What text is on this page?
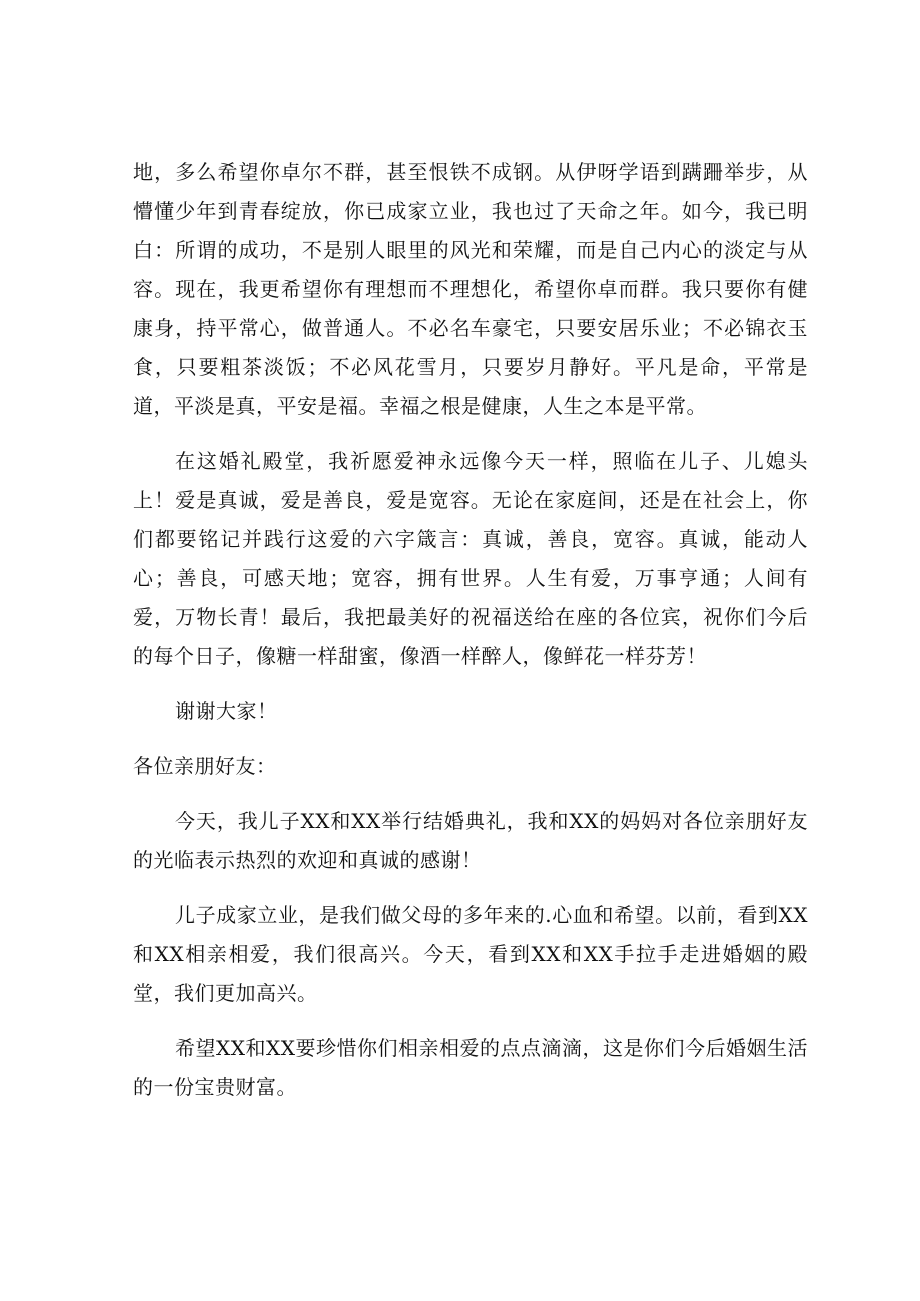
地，多么希望你卓尔不群，甚至恨铁不成钢。从伊呀学语到蹒跚举步，从懵懂少年到青春绽放，你已成家立业，我也过了天命之年。如今，我已明白：所谓的成功，不是别人眼里的风光和荣耀，而是自己内心的淡定与从容。现在，我更希望你有理想而不理想化，希望你卓而群。我只要你有健康身，持平常心，做普通人。不必名车豪宅，只要安居乐业；不必锦衣玉食，只要粗茶淡饭；不必风花雪月，只要岁月静好。平凡是命，平常是道，平淡是真，平安是福。幸福之根是健康，人生之本是平常。

在这婚礼殿堂，我祈愿爱神永远像今天一样，照临在儿子、儿媳头上！爱是真诚，爱是善良，爱是宽容。无论在家庭间，还是在社会上，你们都要铭记并践行这爱的六字箴言：真诚，善良，宽容。真诚，能动人心；善良，可感天地；宽容，拥有世界。人生有爱，万事亨通；人间有爱，万物长青！最后，我把最美好的祝福送给在座的各位宾，祝你们今后的每个日子，像糖一样甜蜜，像酒一样醉人，像鲜花一样芬芳！

谢谢大家！

各位亲朋好友：

今天，我儿子XX和XX举行结婚典礼，我和XX的妈妈对各位亲朋好友的光临表示热烈的欢迎和真诚的感谢！

儿子成家立业，是我们做父母的多年来的.心血和希望。以前，看到XX和XX相亲相爱，我们很高兴。今天，看到XX和XX手拉手走进婚姻的殿堂，我们更加高兴。

希望XX和XX要珍惜你们相亲相爱的点点滴滴，这是你们今后婚姻生活的一份宝贵财富。
